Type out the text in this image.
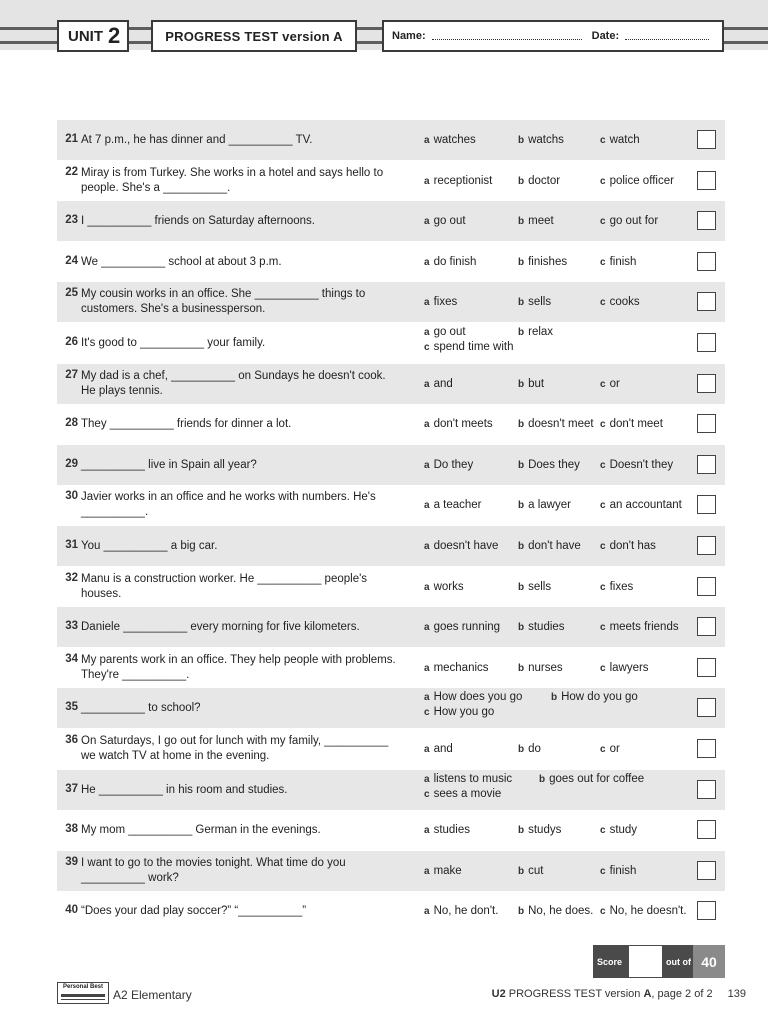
UNIT 2	PROGRESS TEST version A	Name:	Date:
21 At 7 p.m., he has dinner and __________ TV.	a watches	b watchs	c watch
22 Miray is from Turkey. She works in a hotel and says hello to people. She's a __________.
a receptionist	b doctor	c police officer
23 I __________ friends on Saturday afternoons.	a go out	b meet	c go out for
24 We __________ school at about 3 p.m.	a do finish	b finishes	c finish
25 My cousin works in an office. She __________ things to customers. She's a businessperson.
a fixes	b sells	c cooks
26 It's good to __________ your family.
a go out	b relax
c spend time with
27 My dad is a chef, __________ on Sundays he doesn't cook. He plays tennis.
a and	b but	c or
28 They __________ friends for dinner a lot.	a don't meets	b doesn't meet c don't meet
29 __________ live in Spain all year?	a Do they	b Does they c Doesn't they
30 Javier works in an office and he works with numbers. He's __________.
a a teacher	b a lawyer	c an accountant
31 You __________ a big car.	a doesn't have b don't have c don't has
32 Manu is a construction worker. He __________ people's houses.
a works	b sells	c fixes
33 Daniele __________ every morning for five kilometers.	a goes running b studies	c meets friends
34 My parents work in an office. They help people with problems. They're __________.
a mechanics	b nurses	c lawyers
35 __________ to school?
a How does you go	b How do you go
c How you go
36 On Saturdays, I go out for lunch with my family, __________ we watch TV at home in the evening.
a and	b do	c or
37 He __________ in his room and studies.
a listens to music	b goes out for coffee
c sees a movie
38 My mom __________ German in the evenings.	a studies	b studys	c study
39 I want to go to the movies tonight. What time do you __________ work?
a make	b cut	c finish
40 “Does your dad play soccer?” “__________”	a No, he don't. b No, he does. c No, he doesn't.
Score	out of 40
Personal Best
A2 Elementary	U2 PROGRESS TEST version A, page 2 of 2 139
